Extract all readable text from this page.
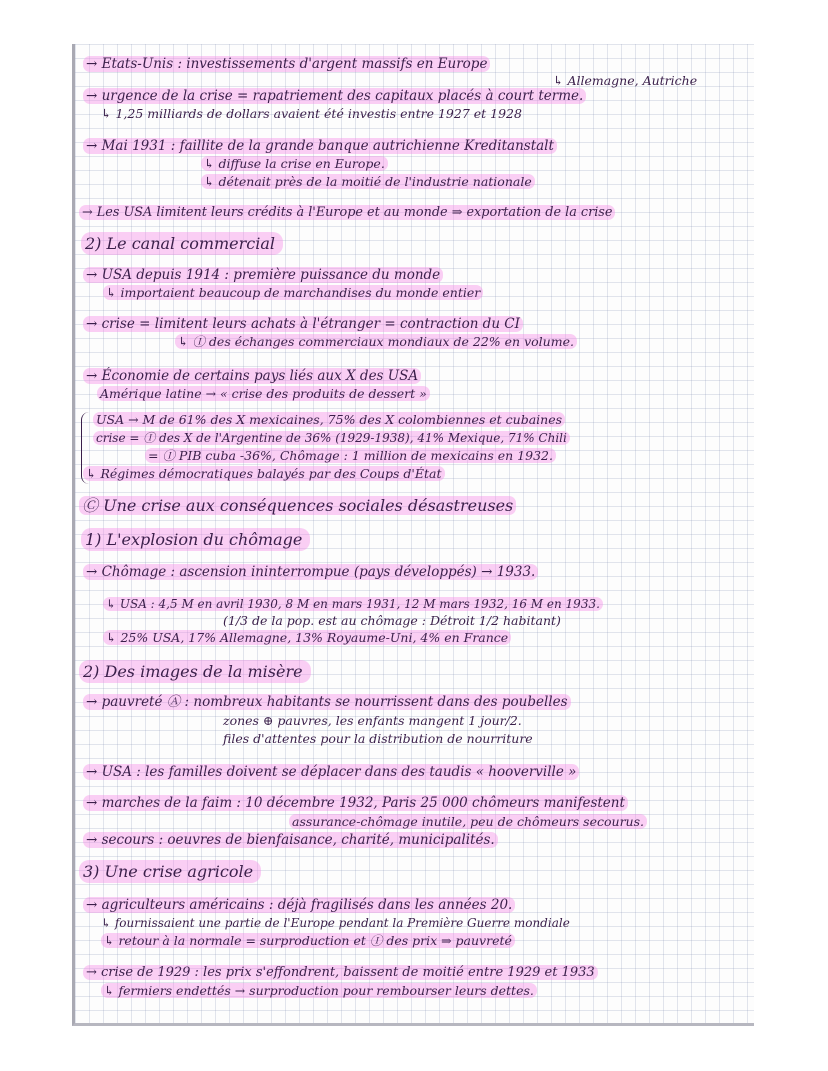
→ Etats-Unis : investissements d'argent massifs en Europe
↳ Allemagne, Autriche
→ urgence de la crise = rapatriement des capitaux placés à court terme.
↳ 1,25 milliards de dollars avaient été investis entre 1927 et 1928
→ Mai 1931 : faillite de la grande banque autrichienne Kreditanstalt
↳ diffuse la crise en Europe.
↳ détenait près de la moitié de l'industrie nationale
→ Les USA limitent leurs crédits à l'Europe et au monde ⇒ exportation de la crise
2) Le canal commercial
→ USA depuis 1914 : première puissance du monde
↳ importaient beaucoup de marchandises du monde entier
→ crise = limitent leurs achats à l'étranger = contraction du CI
↳ Ⓘ des échanges commerciaux mondiaux de 22% en volume.
→ Économie de certains pays liés aux X des USA
Amérique latine → « crise des produits de dessert »
USA → M de 61% des X mexicaines, 75% des X colombiennes et cubaines
crise = Ⓘ des X de l'Argentine de 36% (1929-1938), 41% Mexique, 71% Chili
= Ⓘ PIB cuba -36%, Chômage : 1 million de mexicains en 1932.
↳ Régimes démocratiques balayés par des Coups d'État
Ⓒ Une crise aux conséquences sociales désastreuses
1) L'explosion du chômage
→ Chômage : ascension ininterrompue (pays développés) → 1933.
↳ USA : 4,5 M en avril 1930, 8 M en mars 1931, 12 M mars 1932, 16 M en 1933.
(1/3 de la pop. est au chômage : Détroit 1/2 habitant)
↳ 25% USA, 17% Allemagne, 13% Royaume-Uni, 4% en France
2) Des images de la misère
→ pauvreté Ⓐ : nombreux habitants se nourrissent dans des poubelles
zones ⊕ pauvres, les enfants mangent 1 jour/2.
files d'attentes pour la distribution de nourriture
→ USA : les familles doivent se déplacer dans des taudis « hooverville »
→ marches de la faim : 10 décembre 1932, Paris 25 000 chômeurs manifestent
assurance-chômage inutile, peu de chômeurs secourus.
→ secours : oeuvres de bienfaisance, charité, municipalités.
3) Une crise agricole
→ agriculteurs américains : déjà fragilisés dans les années 20.
↳ fournissaient une partie de l'Europe pendant la Première Guerre mondiale
↳ retour à la normale = surproduction et Ⓘ des prix ⇒ pauvreté
→ crise de 1929 : les prix s'effondrent, baissent de moitié entre 1929 et 1933
↳ fermiers endettés → surproduction pour rembourser leurs dettes.
